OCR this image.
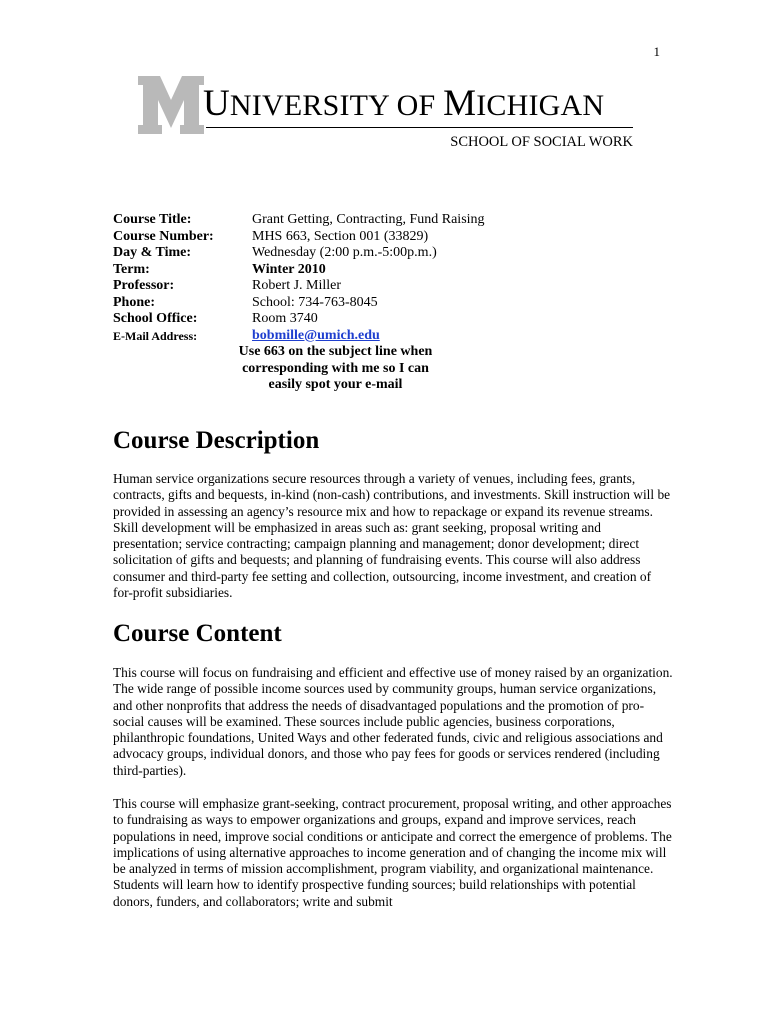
1
UNIVERSITY OF MICHIGAN
SCHOOL OF SOCIAL WORK
Course Title:	Grant Getting, Contracting, Fund Raising
Course Number:	MHS 663, Section 001 (33829)
Day & Time:	Wednesday (2:00 p.m.-5:00p.m.)
Term:	Winter 2010
Professor:	Robert J. Miller
Phone:	School: 734-763-8045
School Office:	Room 3740
E-Mail Address:	bobmille@umich.edu
Use 663 on the subject line when corresponding with me so I can easily spot your e-mail
Course Description

Human service organizations secure resources through a variety of venues, including fees, grants, contracts, gifts and bequests, in-kind (non-cash) contributions, and investments. Skill instruction will be provided in assessing an agency’s resource mix and how to repackage or expand its revenue streams. Skill development will be emphasized in areas such as: grant seeking, proposal writing and presentation; service contracting; campaign planning and management; donor development; direct solicitation of gifts and bequests; and planning of fundraising events. This course will also address consumer and third-party fee setting and collection, outsourcing, income investment, and creation of for-profit subsidiaries.

Course Content

This course will focus on fundraising and efficient and effective use of money raised by an organization. The wide range of possible income sources used by community groups, human service organizations, and other nonprofits that address the needs of disadvantaged populations and the promotion of pro-social causes will be examined. These sources include public agencies, business corporations, philanthropic foundations, United Ways and other federated funds, civic and religious associations and advocacy groups, individual donors, and those who pay fees for goods or services rendered (including third-parties).

This course will emphasize grant-seeking, contract procurement, proposal writing, and other approaches to fundraising as ways to empower organizations and groups, expand and improve services, reach populations in need, improve social conditions or anticipate and correct the emergence of problems. The implications of using alternative approaches to income generation and of changing the income mix will be analyzed in terms of mission accomplishment, program viability, and organizational maintenance. Students will learn how to identify prospective funding sources; build relationships with potential donors, funders, and collaborators; write and submit
